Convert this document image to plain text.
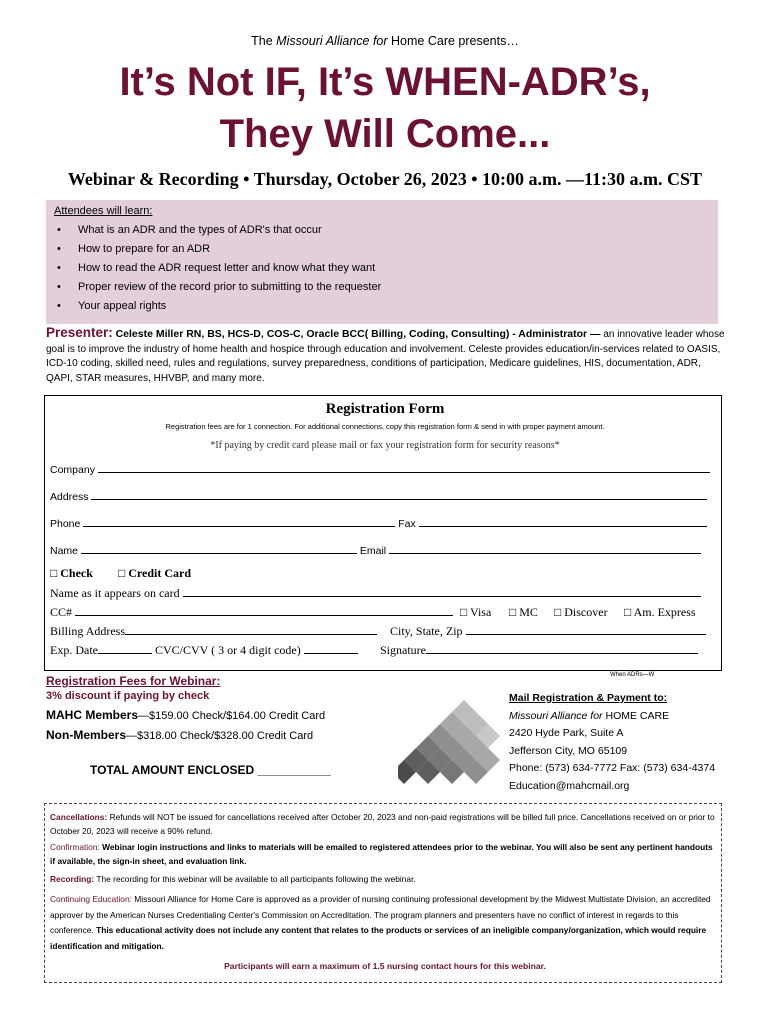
The Missouri Alliance for Home Care presents…
It’s Not IF, It’s WHEN-ADR’s,
They Will Come...
Webinar & Recording • Thursday, October 26, 2023 • 10:00 a.m. —11:30 a.m. CST
Attendees will learn:
• What is an ADR and the types of ADR's that occur
• How to prepare for an ADR
• How to read the ADR request letter and know what they want
• Proper review of the record prior to submitting to the requester
• Your appeal rights
Presenter: Celeste Miller RN, BS, HCS-D, COS-C, Oracle BCC( Billing, Coding, Consulting) - Administrator — an innovative leader whose goal is to improve the industry of home health and hospice through education and involvement. Celeste provides education/in-services related to OASIS, ICD-10 coding, skilled need, rules and regulations, survey preparedness, conditions of participation, Medicare guidelines, HIS, documentation, ADR, QAPI, STAR measures, HHVBP, and many more.
Registration Form
Registration fees are for 1 connection. For additional connections, copy this registration form & send in with proper payment amount.
*If paying by credit card please mail or fax your registration form for security reasons*
Company
Address
Phone	Fax
Name	Email
□ Check □ Credit Card
Name as it appears on card
CC#	□ Visa □ MC □ Discover □ Am. Express
Billing Address	City, State, Zip
Exp. Date	CVC/CVV ( 3 or 4 digit code)	Signature
When ADRs—W
Registration Fees for Webinar:
3% discount if paying by check
MAHC Members—$159.00 Check/$164.00 Credit Card
Non-Members—$318.00 Check/$328.00 Credit Card
TOTAL AMOUNT ENCLOSED ___________
Mail Registration & Payment to:
Missouri Alliance for HOME CARE
2420 Hyde Park, Suite A
Jefferson City, MO 65109
Phone: (573) 634-7772 Fax: (573) 634-4374
Education@mahcmail.org
Cancellations: Refunds will NOT be issued for cancellations received after October 20, 2023 and non-paid registrations will be billed full price. Cancellations received on or prior to October 20, 2023 will receive a 90% refund.
Confirmation: Webinar login instructions and links to materials will be emailed to registered attendees prior to the webinar. You will also be sent any pertinent handouts if available, the sign-in sheet, and evaluation link.
Recording: The recording for this webinar will be available to all participants following the webinar.
Continuing Education: Missouri Alliance for Home Care is approved as a provider of nursing continuing professional development by the Midwest Multistate Division, an accredited approver by the American Nurses Credentialing Center's Commission on Accreditation. The program planners and presenters have no conflict of interest in regards to this conference. This educational activity does not include any content that relates to the products or services of an ineligible company/organization, which would require identification and mitigation.
Participants will earn a maximum of 1.5 nursing contact hours for this webinar.
